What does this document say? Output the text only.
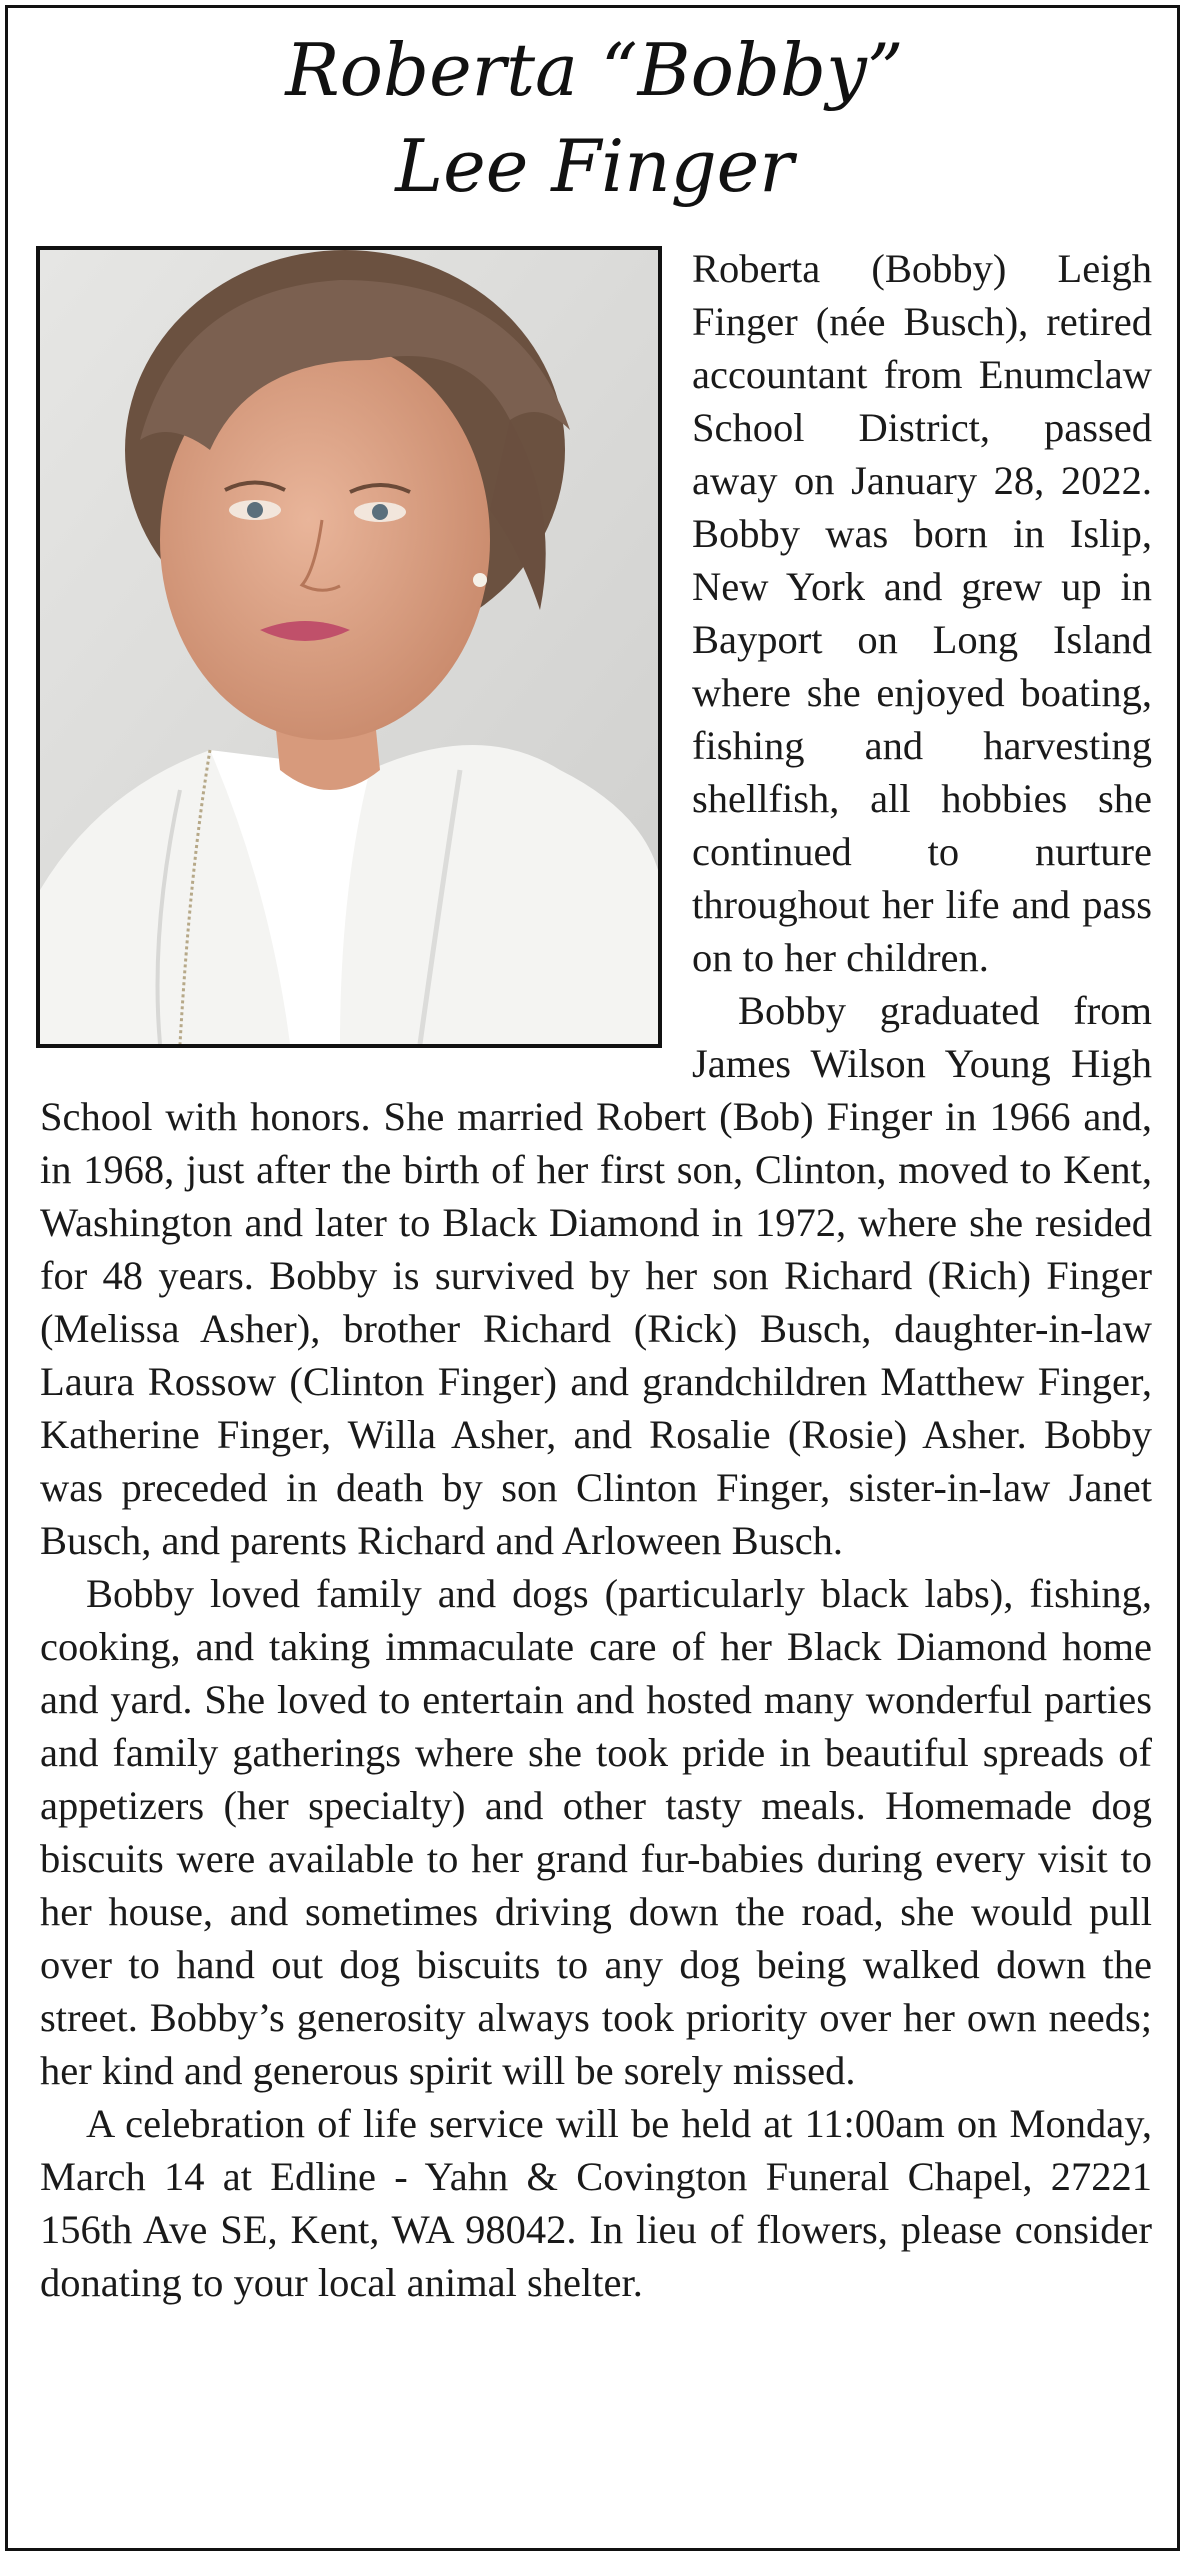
Roberta “Bobby”
Lee Finger

Roberta (Bobby) Leigh Finger (née Busch), retired accountant from Enumclaw School District, passed away on January 28, 2022. Bobby was born in Islip, New York and grew up in Bayport on Long Island where she enjoyed boating, fishing and harvesting shellfish, all hobbies she continued to nurture throughout her life and pass on to her children.

Bobby graduated from James Wilson Young High School with honors. She married Robert (Bob) Finger in 1966 and, in 1968, just after the birth of her first son, Clinton, moved to Kent, Washington and later to Black Diamond in 1972, where she resided for 48 years. Bobby is survived by her son Richard (Rich) Finger (Melissa Asher), brother Richard (Rick) Busch, daughter-in-law Laura Rossow (Clinton Finger) and grandchildren Matthew Finger, Katherine Finger, Willa Asher, and Rosalie (Rosie) Asher. Bobby was preceded in death by son Clinton Finger, sister-in-law Janet Busch, and parents Richard and Arloween Busch.

Bobby loved family and dogs (particularly black labs), fishing, cooking, and taking immaculate care of her Black Diamond home and yard. She loved to entertain and hosted many wonderful parties and family gatherings where she took pride in beautiful spreads of appetizers (her specialty) and other tasty meals. Homemade dog biscuits were available to her grand fur-babies during every visit to her house, and sometimes driving down the road, she would pull over to hand out dog biscuits to any dog being walked down the street. Bobby’s generosity always took priority over her own needs; her kind and generous spirit will be sorely missed.

A celebration of life service will be held at 11:00am on Monday, March 14 at Edline - Yahn & Covington Funeral Chapel, 27221 156th Ave SE, Kent, WA 98042. In lieu of flowers, please consider donating to your local animal shelter.
